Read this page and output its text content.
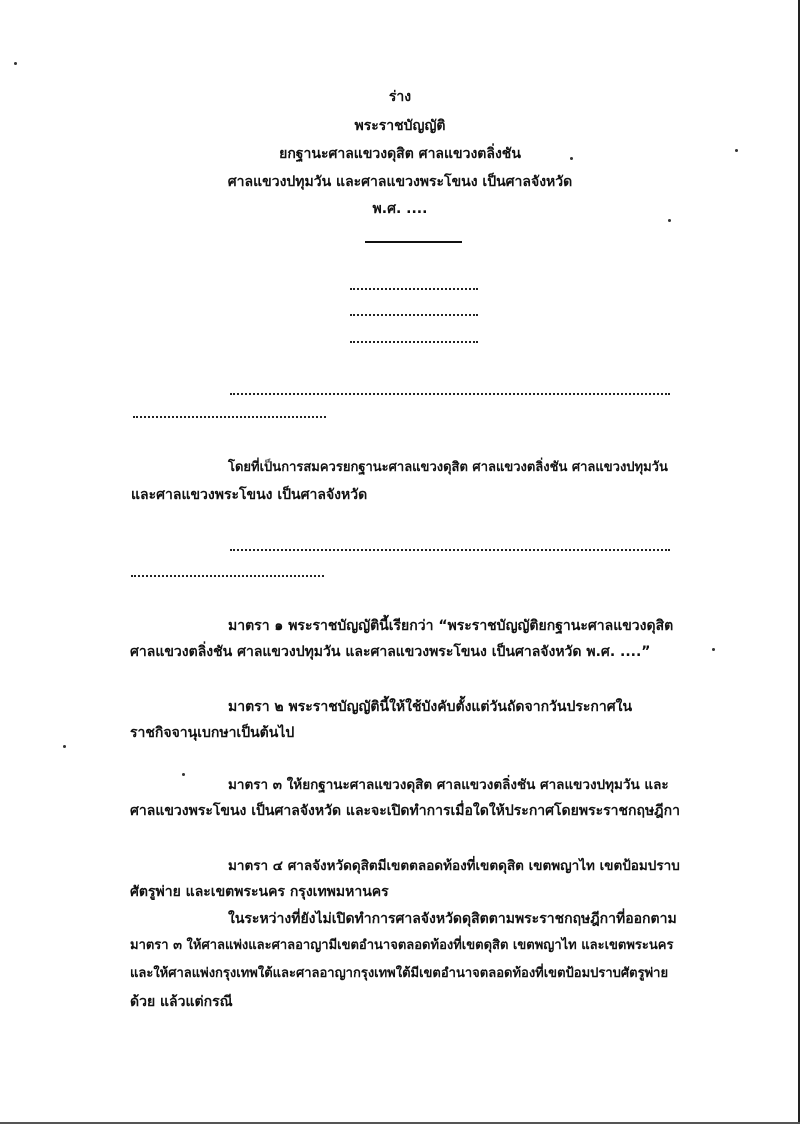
ร่าง
พระราชบัญญัติ
ยกฐานะศาลแขวงดุสิต ศาลแขวงตลิ่งชัน
ศาลแขวงปทุมวัน และศาลแขวงพระโขนง เป็นศาลจังหวัด
พ.ศ. ....
โดยที่เป็นการสมควรยกฐานะศาลแขวงดุสิต ศาลแขวงตลิ่งชัน ศาลแขวงปทุมวัน
และศาลแขวงพระโขนง เป็นศาลจังหวัด
มาตรา ๑ พระราชบัญญัตินี้เรียกว่า “พระราชบัญญัติยกฐานะศาลแขวงดุสิต
ศาลแขวงตลิ่งชัน ศาลแขวงปทุมวัน และศาลแขวงพระโขนง เป็นศาลจังหวัด พ.ศ. ....”
มาตรา ๒ พระราชบัญญัตินี้ให้ใช้บังคับตั้งแต่วันถัดจากวันประกาศใน
ราชกิจจานุเบกษาเป็นต้นไป
มาตรา ๓ ให้ยกฐานะศาลแขวงดุสิต ศาลแขวงตลิ่งชัน ศาลแขวงปทุมวัน และ
ศาลแขวงพระโขนง เป็นศาลจังหวัด และจะเปิดทำการเมื่อใดให้ประกาศโดยพระราชกฤษฎีกา
มาตรา ๔ ศาลจังหวัดดุสิตมีเขตตลอดท้องที่เขตดุสิต เขตพญาไท เขตป้อมปราบ
ศัตรูพ่าย และเขตพระนคร กรุงเทพมหานคร
ในระหว่างที่ยังไม่เปิดทำการศาลจังหวัดดุสิตตามพระราชกฤษฎีกาที่ออกตาม
มาตรา ๓ ให้ศาลแพ่งและศาลอาญามีเขตอำนาจตลอดท้องที่เขตดุสิต เขตพญาไท และเขตพระนคร
และให้ศาลแพ่งกรุงเทพใต้และศาลอาญากรุงเทพใต้มีเขตอำนาจตลอดท้องที่เขตป้อมปราบศัตรูพ่าย
ด้วย แล้วแต่กรณี
